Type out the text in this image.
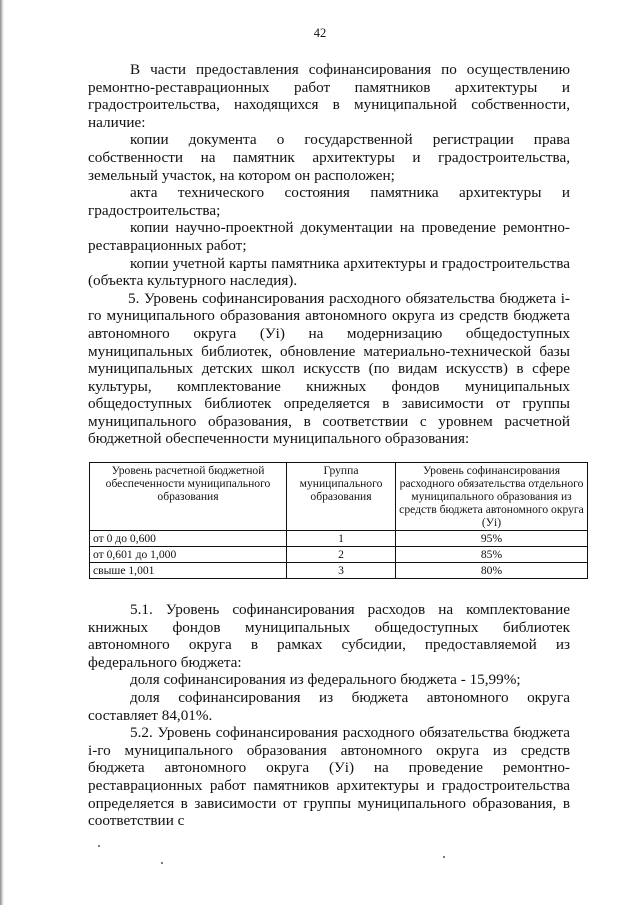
42

В части предоставления софинансирования по осуществлению ремонтно-реставрационных работ памятников архитектуры и градостроительства, находящихся в муниципальной собственности, наличие:

копии документа о государственной регистрации права собственности на памятник архитектуры и градостроительства, земельный участок, на котором он расположен;

акта технического состояния памятника архитектуры и градостроительства;

копии научно-проектной документации на проведение ремонтно-реставрационных работ;

копии учетной карты памятника архитектуры и градостроительства (объекта культурного наследия).

5. Уровень софинансирования расходного обязательства бюджета i-го муниципального образования автономного округа из средств бюджета автономного округа (Уi) на модернизацию общедоступных муниципальных библиотек, обновление материально-технической базы муниципальных детских школ искусств (по видам искусств) в сфере культуры, комплектование книжных фондов муниципальных общедоступных библиотек определяется в зависимости от группы муниципального образования, в соответствии с уровнем расчетной бюджетной обеспеченности муниципального образования:

Уровень расчетной бюджетной обеспеченности муниципального образования	Группа муниципального образования	Уровень софинансирования расходного обязательства отдельного муниципального образования из средств бюджета автономного округа (Уi)
от 0 до 0,600	1	95%
от 0,601 до 1,000	2	85%
свыше 1,001	3	80%

5.1. Уровень софинансирования расходов на комплектование книжных фондов муниципальных общедоступных библиотек автономного округа в рамках субсидии, предоставляемой из федерального бюджета:

доля софинансирования из федерального бюджета - 15,99%;

доля софинансирования из бюджета автономного округа составляет 84,01%.

5.2. Уровень софинансирования расходного обязательства бюджета i-го муниципального образования автономного округа из средств бюджета автономного округа (Уi) на проведение ремонтно-реставрационных работ памятников архитектуры и градостроительства определяется в зависимости от группы муниципального образования, в соответствии с
